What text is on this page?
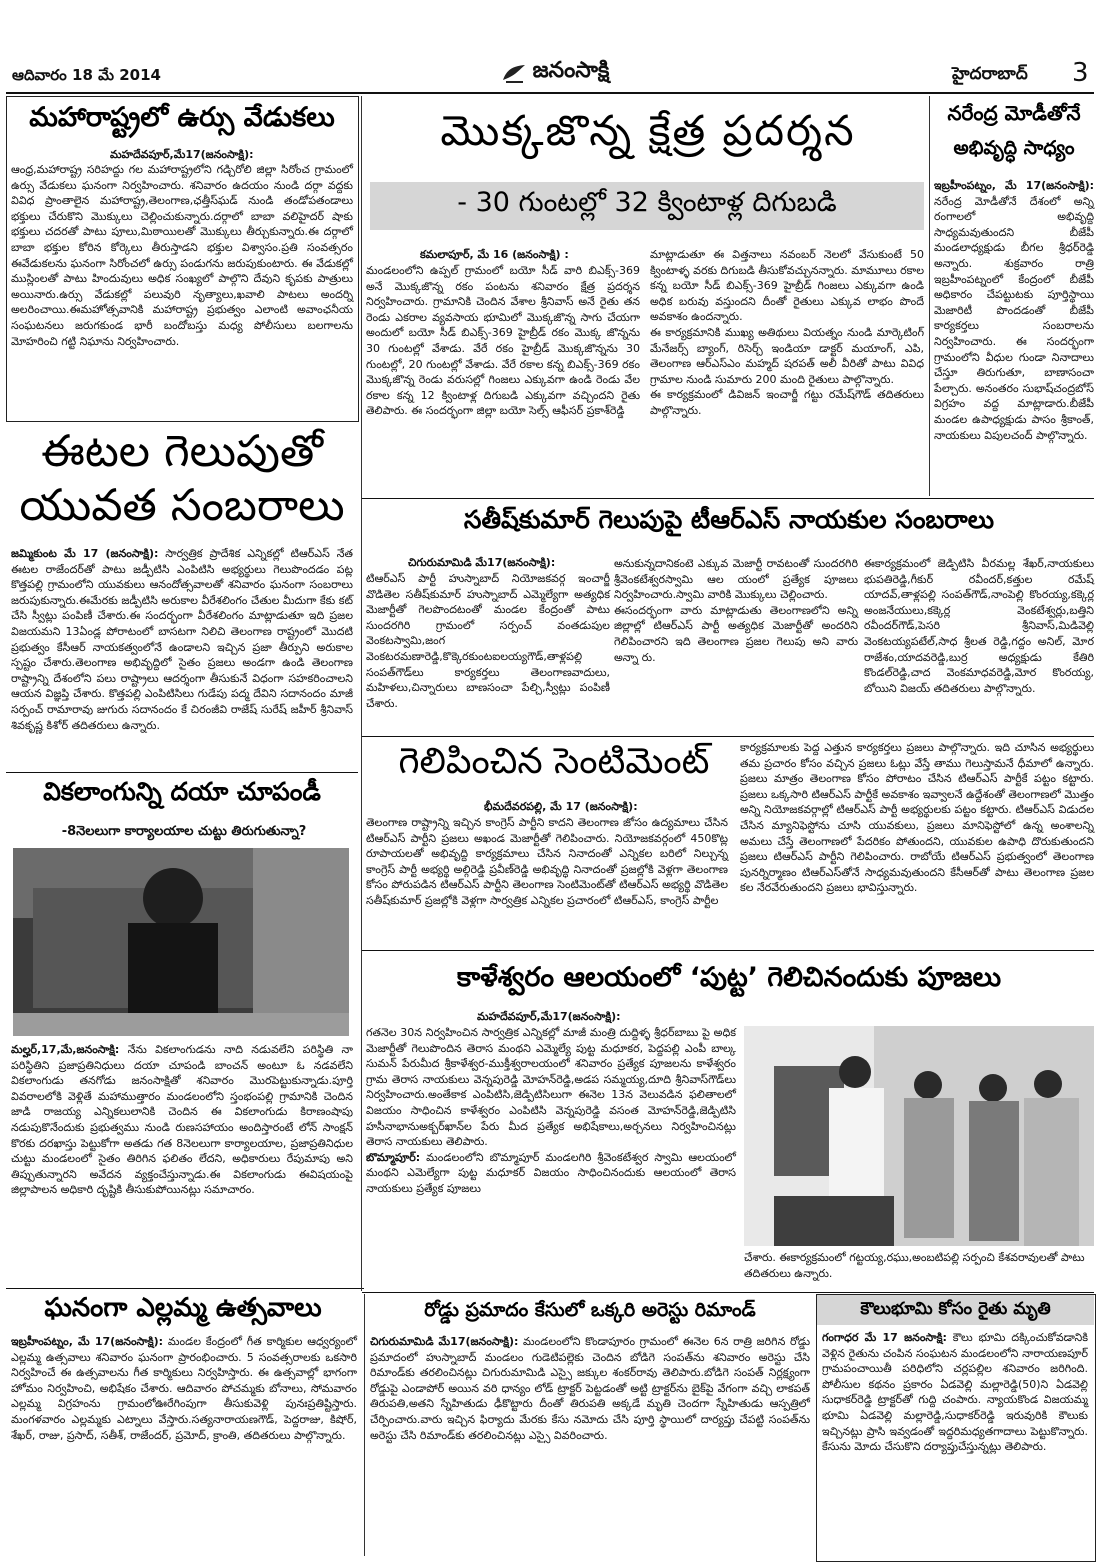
ఆదివారం 18 మే 2014	జనంసాక్షి	హైదరాబాద్ 3
మహారాష్ట్రలో ఉర్సు వేడుకలు
మహదేవపూర్‌,మే17(జనంసాక్షి):

ఆంధ్ర,మహారాష్ట్ర సరిహద్దు గల మహారాష్ట్రలోని గడ్చిరోలి జిల్లా సిరోంచ గ్రామంలో ఉర్సు వేడుకలు ఘనంగా నిర్వహించారు. శనివారం ఉదయం నుండి దర్గా వద్దకు వివిధ ప్రాంతాలైన మహారాష్ట్ర,తెలంగాణ,ఛత్తీస్‌ఘడ్‌ నుండి తండోపతండాలు భక్తులు చేరుకొని మొక్కులు చెల్లించుకున్నారు.దర్గాలో బాబా వలిహైదర్‌ షాకు భక్తులు చదరతో పాటు పూలు,మిఠాయిలతో మొక్కులు తీర్చుకున్నారు.ఈ దర్గాలో బాబా భక్తుల కోరిన కోర్కెలు తీరుస్తాడని భక్తుల విశ్వాసం.ప్రతి సంవత్సరం ఈవేడుకలను ఘనంగా సిరోంచలో ఉర్సు పండుగను జరుపుకుంటారు. ఈ వేడుకల్లో ముస్లింలతో పాటు హిందువులు అధిక సంఖ్యలో పాల్గొని దేవుని కృపకు పాత్రులు అయినారు.ఉర్సు వేడుకల్లో పలువురి నృత్యాలు,ఖవాలి పాటలు అందర్ని అలరించాయి.ఈమహోత్సవానికి మహారాష్ట్ర ప్రభుత్వం ఎలాంటి అవాంఛనీయ సంఘటనలు జరుగకుండ భారీ బందోబస్తు మధ్య పోలీసులు బలగాలను మోహరించి గట్టి నిఘాను నిర్వహించారు.

ఈటల గెలుపుతో
యువత సంబరాలు

జమ్మికుంట మే 17 (జనంసాక్షి): సార్వత్రిక ప్రాదేశిక ఎన్నికల్లో టిఆర్‌ఎస్‌ నేత ఈటల రాజేందర్‌తో పాటు జడ్పీటిసి ఎంపిటిసి అభ్యర్థులు గెలుపొందడం పట్ల కొత్తపల్లి గ్రామంలోని యువకులు ఆనందోత్సవాలతో శనివారం ఘనంగా సంబరాలు జరుపుకున్నారు.ఈమేరకు జడ్పీటిసి అరుకాల వీరేశలింగం చేతుల మీదుగా కేకు కట్‌ చేసి స్వీట్లు పంపిణీ చేశారు.ఈ సందర్భంగా వీరేశలింగం మాట్లాడుతూ ఇది ప్రజల విజయమని 13ఏండ్ల పోరాటంలో బాసటగా నిలిచి తెలంగాణ రాష్ట్రంలో మొదటి ప్రభుత్వం కేసీఆర్‌ నాయకత్వంలోనే ఉండాలని ఇచ్చిన ప్రజా తీర్పుని అరుకాల స్పష్టం చేశారు.తెలంగాణ అభివృద్దిలో సైతం ప్రజలు అండగా ఉండి తెలంగాణ రాష్ట్రాన్ని దేశంలోని పలు రాష్ట్రాలు ఆదర్శంగా తీసుకునే విధంగా సహకరించాలని ఆయన విజ్ఞప్తి చేశారు. కొత్తపల్లి ఎంపిటిసిలు గుడేపు పద్మ దేవిని సదానందం మాజీ సర్పంచ్‌ రామారావు జుగురు సదానందం కే చిరంజీవి రాజేష్‌ సురేష్‌ జహీర్‌ శ్రీనివాస్‌ శివకృష్ణ కిశోర్‌ తదితరులు ఉన్నారు.

వికలాంగున్ని దయా చూపండీ
-8నెలలుగా కార్యాలయాల చుట్టు తిరుగుతున్నా?

మల్హర్‌,17,మే,జనంసాక్షి: నేను వికలాంగుడను నాది నడువలేని పరిస్థితి నా పరిస్థితిని ప్రజాప్రతినిధులు దయా చూపండి బాంచన్‌ అంటూ ఓ నడవలేని వికలాంగుడు తనగోడు జనంసాక్షితో శనివారం మొరపెట్టుకున్నాడు.పూర్తి వివరాలలోకి వెళ్లితే మహాముత్తారం మండలంలోని స్తంభంపల్లి గ్రామానికి చెందిన జాడి రాజయ్య ఎన్నికలులానికి చెందిన ఈ వికలాంగుడు కిరాణంషాపు నడుపుకొనేందుకు ప్రభుత్వము నుండి రుణసహాయం అందిస్తారంటే లోన్‌ సాంక్షన్‌ కొరకు దరఖాస్తు పెట్టుకోగా అతడు గత 8నెలలుగా కార్యాలయాల, ప్రజాప్రతినిధుల చుట్టు మండలంలో సైతం తిరిగిన ఫలితం లేదని, అధికారులు రేపుమాపు అని తిప్పుతున్నారని అవేదన వ్యక్తంచేస్తున్నాడు.ఈ వికలాంగుడు ఈవిషయంపై జిల్లాపాలన అధికారి దృష్టికి తీసుకుపోయినట్లు సమాచారం.

ఘనంగా ఎల్లమ్మ ఉత్సవాలు

ఇబ్రహీంపట్నం, మే 17(జనంసాక్షి): మండల కేంద్రంలో గీత కార్మికుల ఆధ్వర్యంలో ఎల్లమ్మ ఉత్సవాలు శనివారం ఘనంగా ప్రారంభించారు. 5 సంవత్సరాలకు ఒకసారి నిర్వహించే ఈ ఉత్సవాలను గీత కార్మికులు నిర్వహిస్తారు. ఈ ఉత్సవాల్లో భాగంగా హోమం నిర్వహించి, అభిషేకం చేశారు. ఆదివారం పోచమ్మకు బోనాలు, సోమవారం ఎల్లమ్మ విగ్రహంను గ్రామంలోఊరేగింపుగా తీసుకువెళ్లి పునఃప్రతిష్టిస్తారు. మంగళవారం ఎల్లమ్మకు ఎట్నాలు వేస్తారు.సత్యనారాయణగౌడ్‌, పెద్దరాజు, కిషోర్‌, శేఖర్‌, రాజు, ప్రసాద్‌, సతీశ్‌, రాజేందర్‌, ప్రమోద్‌, క్రాంతి, తదితరులు పాల్గొన్నారు.

మొక్కజొన్న క్షేత్ర ప్రదర్శన
- 30 గుంటల్లో 32 క్వింటాళ్ల దిగుబడి
కమలాపూర్‌, మే 16 (జనంసాక్షి) :

మండలంలోని ఉప్పల్‌ గ్రామంలో బయో సీడ్‌ వారి బిఎక్స్‌-369 అనే మొక్కజొన్న రకం పంటను శనివారం క్షేత్ర ప్రదర్శన నిర్వహించారు. గ్రామానికి చెందిన వేశాల శ్రీనివాస్‌ అనే రైతు తన రెండు ఎకరాల వ్యవసాయ భూమిలో మొక్కజొన్న సాగు చేయగా అందులో బయో సీడ్‌ బిఎక్స్‌-369 హైబ్రీడ్‌ రకం మొక్క జొన్నను 30 గుంటల్లో వేశాడు. వేరే రకం హైబ్రీడ్‌ మొక్కజొన్నను 30 గుంటల్లో, 20 గుంటల్లో వేశాడు. వేరే రకాల కన్న బిఎక్స్‌-369 రకం మొక్కజొన్న రెండు వరుసల్లో గింజలు ఎక్కువగా ఉండి రెండు వేల రకాల కన్న 12 క్వింటాళ్ల దిగుబడి ఎక్కువగా వచ్చిందని రైతు తెలిపారు. ఈ సందర్భంగా జిల్లా బయో సెల్స్‌ ఆఫీసర్‌ ప్రకాశ్‌రెడ్డి

మాట్లాడుతూ ఈ విత్తనాలు నవంబర్‌ నెలలో వేసుకుంటే 50 క్వింటాళ్ళ వరకు దిగుబడి తీసుకోవచ్చునన్నారు. మామూలు రకాల కన్న బయో సీడ్‌ బిఎక్స్‌-369 హైబ్రీడ్‌ గింజలు ఎక్కువగా ఉండి అధిక బరువు వస్తుందని దీంతో రైతులు ఎక్కువ లాభం పొందే అవకాశం ఉందన్నారు.
ఈ కార్యక్రమానికి ముఖ్య అతిథులు వియత్నం నుండి మార్కెటింగ్‌ మేనేజర్స్‌ బ్యాంగ్‌, రిసెర్చ్‌ ఇండియా డాక్టర్‌ మయాంగ్‌, ఎపి, తెలంగాణ ఆర్‌ఎస్‌ఎం మహ్మద్‌ షరపత్‌ అలీ వీరితో పాటు వివిధ గ్రామాల నుండి సుమారు 200 మంది రైతులు పాల్గొన్నారు.
ఈ కార్యక్రమంలో డివిజన్‌ ఇంచార్జీ గట్టు రమేష్‌గౌడ్‌ తదితరులు పాల్గొన్నారు.

నరేంద్ర మోడీతోనే
అభివృద్ధి సాధ్యం

ఇబ్రహీంపట్నం, మే 17(జనంసాక్షి): నరేంద్ర మోడీతోనే దేశంలో అన్ని రంగాలలో అభివృద్ది సాధ్యమవుతుందని బీజేపీ మండలాధ్యక్షుడు బీగల శ్రీధర్‌రెడ్డి అన్నారు. శుక్రవారం రాత్రి ఇబ్రహీంపట్నంలో కేంద్రంలో బీజేపీ అధికారం చేపట్టుటకు పూర్తిస్థాయి మెజారిటీ పొందడంతో బీజేపీ కార్యకర్తలు సంబరాలను నిర్వహించారు. ఈ సందర్భంగా గ్రామంలోని వీధుల గుండా నినాదాలు చేస్తూ తిరుగుతూ, బాణాసంచా పేల్చారు. అనంతరం సుభాష్‌చంద్రబోస్‌ విగ్రహం వద్ద మాట్లాడారు.బీజేపీ మండల ఉపాధ్యక్షుడు పాసం శ్రీకాంత్‌, నాయకులు విపులచంద్‌ పాల్గొన్నారు.

సతీష్‌కుమార్‌ గెలుపుపై టీఆర్‌ఎస్‌ నాయకుల సంబరాలు
చిగురుమామిడి మే17(జనంసాక్షి):

టిఆర్‌ఎస్‌ పార్టీ హుస్నాబాద్‌ నియోజకవర్గ ఇంచార్జీ వొడితెల సతీష్‌కుమార్‌ హుస్నాబాద్‌ ఎమ్మెల్యేగా అత్యధిక మెజార్టీతో గెలపొందటంతో మండల కేంద్రంతో పాటు సుందరగిరి గ్రామంలో సర్పంచ్‌ వంతడుపుల వెంకటస్వామి,జంగ వెంకటరమణారెడ్డి,కొక్కెరకుంటఐలయ్యగౌడ్‌,తాళ్లపల్లి సంపత్‌గౌడ్‌లు కార్యకర్తలు తెలంగాణవాదులు, మహిళలు,చిన్నారులు బాణసంచా పేల్చి,స్వీట్లు పంపిణీ చేశారు.

అనుకున్నదానికంటె ఎక్కువ మెజార్టీ రావటంతో సుందరగిరి శ్రీవెంకటేశ్వరస్వామి ఆల యంలో ప్రత్యేక పూజలు నిర్వహించారు.స్వామి వారికి మొక్కులు చెల్లించారు.
ఈసందర్భంగా వారు మాట్లాడుతు తెలంగాణలోని అన్ని జిల్లాల్లో టిఆర్‌ఎస్‌ పార్టీ అత్యధిక మెజార్టీతో అందరిని గెలిపించారని ఇది తెలంగాణ ప్రజల గెలుపు అని వారు అన్నా రు.

ఈకార్యక్రమంలో జెడ్పిటిసి వీరమల్ల శేఖర్‌,నాయకులు భుపతిరెడ్డి,గీకుర్‌ రవీందర్‌,కత్తుల రమేష్‌ యాదవ్‌,తాళ్లపల్లి సంపత్‌గౌడ్‌,నాంపెల్లి కొంరయ్య,కక్కెర్ల అంజనేయులు,కక్కెర్ల వెంకటేశ్వర్లు,బత్తిని రవీందర్‌గౌడ్‌,పెసరి శ్రీనివాస్‌,మిడివెల్లి వెంకటయ్యపటేల్‌,సాధ శ్రీలత రెడ్డి,గద్దం అనిల్‌, మోర రాజేశం,యాదవరెడ్డి,బుర్ర అధ్యక్షుడు కేతిరి కొండల్‌రెడ్డి,చాద వెంకమాధవరెడ్డి,మోర కొంరయ్య, బోయిని విజయ్‌ తదితరులు పాల్గొన్నారు.

గెలిపించిన సెంటిమెంట్‌
భీమదేవరపల్లి, మే 17 (జనంసాక్షి):

తెలంగాణ రాష్ట్రాన్ని ఇచ్చిన కాంగ్రెస్‌ పార్టీని కాదని తెలంగాణ జోసం ఉద్యమాలు చేసిన టిఆర్‌ఎస్‌ పార్టీని ప్రజలు అఖండ మెజార్టీతో గెలిపించారు. నియోజకవర్గంలో 450కొట్ల రూపాయలతో అభివృద్ది కార్యక్రమాలు చేసిన నినాదంతో ఎన్నికల బరిలో నిల్చున్న కాంగ్రెస్‌ పార్టీ అభ్యర్థి అల్గిరెడ్డి ప్రవీణ్‌రెడ్డి అభివృద్ధి నినాదంతో ప్రజల్లోకి వెళ్లగా తెలంగాణ కోసం పోరుపడిన టిఆర్‌ఎస్‌ పార్టీని తెలంగాణ సెంటిమెంట్‌తో టిఆర్‌ఎస్‌ అభ్యర్థి వొడితెల సతీష్‌కుమార్‌ ప్రజల్లోకి వెళ్లగా సార్వత్రిక ఎన్నికల ప్రచారంలో టిఆర్‌ఎస్‌, కాంగ్రెస్‌ పార్టీల

కార్యక్రమాలకు పెద్ద ఎత్తున కార్యకర్తలు ప్రజలు పాల్గొన్నారు. ఇది చూసిన అభ్యర్థులు తమ ప్రచారం కోసం వచ్చిన ప్రజలు ఓట్లు వేస్తే తాము గెలుస్తామనే ధీమాలో ఉన్నారు. ప్రజలు మాత్రం తెలంగాణ కోసం పోరాటం చేసిన టిఆర్‌ఎస్‌ పార్టీకే పట్టం కట్టారు. ప్రజలు ఒక్కసారి టిఆర్‌ఎస్‌ పార్టీకే అవకాశం ఇవ్వాలనే ఉద్దేశంతో తెలంగాణలో మొత్తం అన్ని నియోజకవర్గాల్లో టిఆర్‌ఎస్‌ పార్టీ అభ్యర్థులకు పట్టం కట్టారు. టిఆర్‌ఎస్‌ విడుదల చేసిన మ్యానిఫెస్టోను చూసి యువకులు, ప్రజలు మానిఫెస్టోలో ఉన్న అంశాలన్ని అమలు చేస్తే తెలంగాణలో పేదరికం పోతుందని, యువకుల ఉపాధి దొరుకుతుందని ప్రజలు టిఆర్‌ఎస్‌ పార్టీని గెలిపించారు. రాబోయే టిఆర్‌ఎస్‌ ప్రభుత్వంలో తెలంగాణ పునర్నిర్మాణం టిఆర్‌ఎస్‌తోనే సాధ్యమవుతుందని కేసీఆర్‌తో పాటు తెలంగాణ ప్రజల కల నేరవేరుతుందని ప్రజలు భావిస్తున్నారు.

కాళేశ్వరం ఆలయంలో ‘పుట్ట’ గెలిచినందుకు పూజలు
మహదేవపూర్‌,మే17(జనంసాక్షి):

గతనెల 30న నిర్వహించిన సార్వత్రిక ఎన్నికల్లో మాజీ మంత్రి దుద్దిళ్ళ శ్రీధర్‌బాబు పై అధిక మెజార్టీతో గెలుపొందిన తెరాస మంథని ఎమ్మెల్యే పుట్ట మధూకర, పెద్దపల్లి ఎంపీ బాల్క సుమన్‌ పేరుమీద శ్రీకాళేశ్వర-ముక్తీశ్వరాలయంలో శనివారం ప్రత్యేక పూజలను కాళేశ్వరం గ్రామ తెరాస నాయకులు వెన్నపురెడ్డి మోహన్‌రెడ్డి,అడప సమ్మయ్య,దూది శ్రీనివాస్‌గౌడ్‌లు నిర్వహించారు.అంతేకాక ఎంపిటిసి,జెడ్పిటిసిలుగా ఈనెల 13న వెలువడిన ఫలితాలలో విజయం సాధించిన కాళేశ్వరం ఎంపిటిసి వెన్నపురెడ్డి వసంత మోహన్‌రెడ్డి,జెడ్పిటిసి హసీనాభానుఅక్బర్‌ఖాన్‌ల పేరు మీద ప్రత్యేక అభిషేకాలు,అర్చనలు నిర్వహించినట్లు తెరాస నాయకులు తెలిపారు.
బొమ్మాపూర్‌: మండలంలోని బొమ్మాపూర్‌ మండలగిరి శ్రీవెంకటేశ్వర స్వామి ఆలయంలో మంథని ఎమెల్యేగా పుట్ట మధూకర్‌ విజయం సాధించినందుకు ఆలయంలో తెరాస నాయకులు ప్రత్యేక పూజలు

చేశారు. ఈకార్యక్రమంలో గట్టయ్య,రఘు,అంబటిపల్లి సర్పంచి కేశవరావులతో పాటు తదితరులు ఉన్నారు.

రోడ్డు ప్రమాదం కేసులో ఒక్కరి అరెస్టు రిమాండ్‌

చిగురుమామిడి మే17(జనంసాక్షి): మండలంలోని కొండాపూరం గ్రామంలో ఈనెల 6న రాత్రి జరిగిన రోడ్డు ప్రమాదంలో హుస్నాబాద్‌ మండలం గుడెటిపల్లెకు చెందిన బోడిగె సంపత్‌ను శనివారం అరెస్టు చేసి రిమాండ్‌కు తరలించినట్లు చిగురుమామిడి ఎస్సై జక్కుల శంకర్‌రావు తెలిపారు.బోడిగె సంపత్‌ నిర్లక్ష్యంగా రోడ్డుపై ఎండాపోర్‌ అయిన వరి ధాన్యం లోడ్‌ ట్రాక్టర్‌ పెట్టడంతో అట్టి ట్రాక్టర్‌ను బైక్‌పై వేగంగా వచ్చి లాకపత్‌ తిరుపతి,అతని స్నేహితుడు ఢీకొట్టారు దీంతో తిరుపతి అక్కడే మృతి చెందగా స్నేహితుడు ఆస్పత్రిలో చేర్పించారు.వారు ఇచ్చిన ఫిర్యాదు మేరకు కేసు నమోదు చేసి పూర్తి స్థాయిలో దార్యప్తు చేపట్టి సంపత్‌ను అరెస్టు చేసి రిమాండ్‌కు తరలించినట్లు ఎస్సై వివరించారు.

కౌలుభూమి కోసం రైతు మృతి

గంగాధర మే 17 జనంసాక్షి: కౌలు భూమి దక్కించుకోవడానికి వెళ్లిన రైతును చంపిన సంఘటన మండలంలోని నారాయణపూర్‌ గ్రామపంచాయితీ పరిధిలోని చర్లపల్లిల శనివారం జరిగింది. పోలీసుల కథనం ప్రకారం ఏడవెల్లి మల్లారెడ్డి(50)ని ఏడవెల్లి సుధాకర్‌రెడ్డి ట్రాక్టర్‌తో గుద్ది చంపారు. న్యాయకొండ విజయమ్మ భూమి ఏడవెల్లి మల్లారెడ్డి,సుధాకర్‌రెడ్డి ఇరువురికి కౌలుకు ఇచ్చినట్లు ప్రాసి ఇవ్వడంతో ఇద్దరిమధ్యతగాదాలు పెట్టుకొన్నారు. కేసును మోదు చేసుకొని దర్యాప్తుచేస్తున్నట్లు తెలిపారు.
